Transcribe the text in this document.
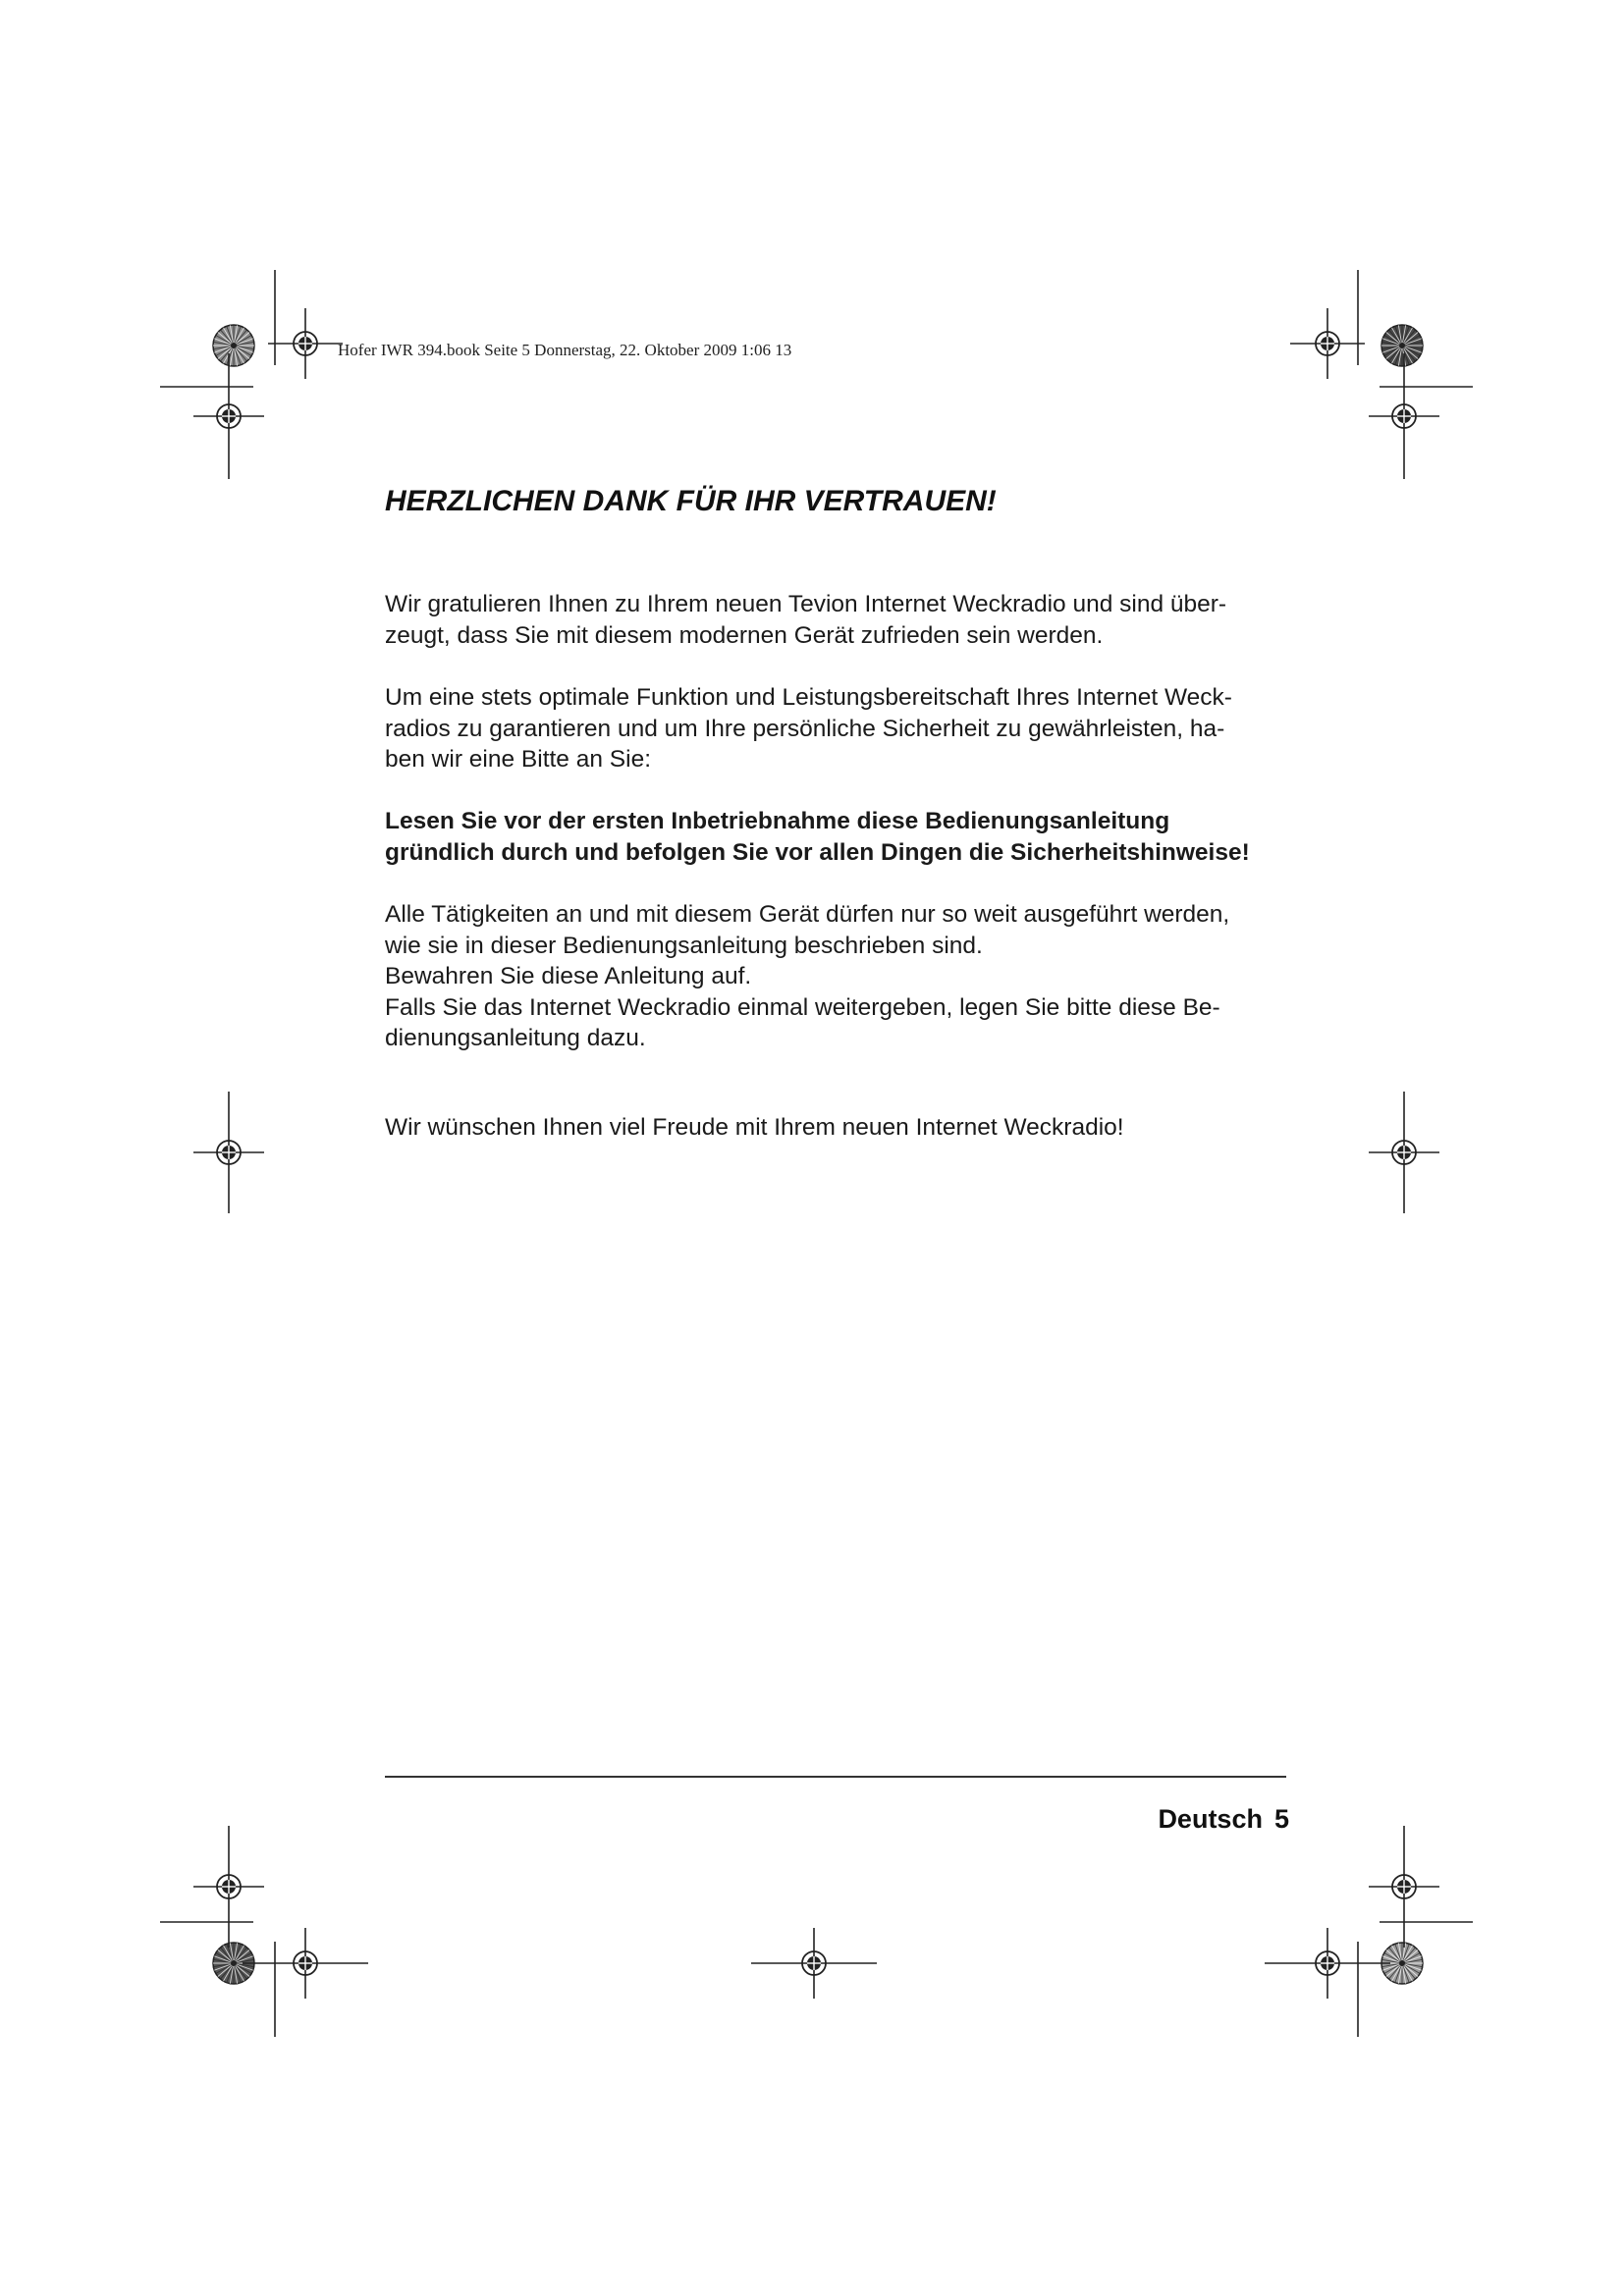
Hofer IWR 394.book Seite 5 Donnerstag, 22. Oktober 2009 1:06 13
HERZLICHEN DANK FÜR IHR VERTRAUEN!

Wir gratulieren Ihnen zu Ihrem neuen Tevion Internet Weckradio und sind über-
zeugt, dass Sie mit diesem modernen Gerät zufrieden sein werden.

Um eine stets optimale Funktion und Leistungsbereitschaft Ihres Internet Weck-
radios zu garantieren und um Ihre persönliche Sicherheit zu gewährleisten, ha-
ben wir eine Bitte an Sie:

Lesen Sie vor der ersten Inbetriebnahme diese Bedienungsanleitung
gründlich durch und befolgen Sie vor allen Dingen die Sicherheitshinweise!

Alle Tätigkeiten an und mit diesem Gerät dürfen nur so weit ausgeführt werden,
wie sie in dieser Bedienungsanleitung beschrieben sind.
Bewahren Sie diese Anleitung auf.
Falls Sie das Internet Weckradio einmal weitergeben, legen Sie bitte diese Be-
dienungsanleitung dazu.

Wir wünschen Ihnen viel Freude mit Ihrem neuen Internet Weckradio!

Deutsch 5
